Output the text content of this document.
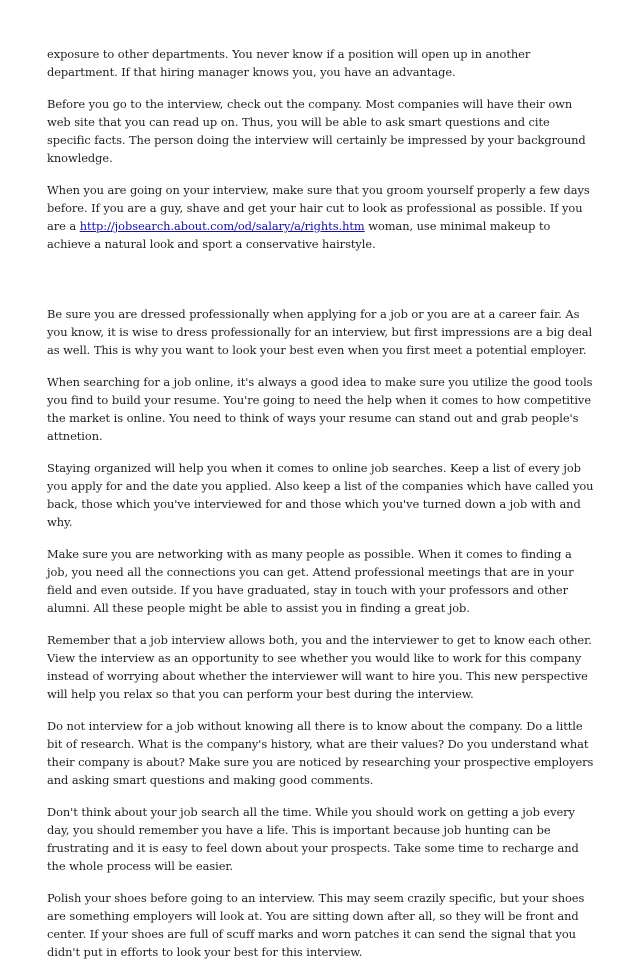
exposure to other departments. You never know if a position will open up in another department. If that hiring manager knows you, you have an advantage.

Before you go to the interview, check out the company. Most companies will have their own web site that you can read up on. Thus, you will be able to ask smart questions and cite specific facts. The person doing the interview will certainly be impressed by your background knowledge.

When you are going on your interview, make sure that you groom yourself properly a few days before. If you are a guy, shave and get your hair cut to look as professional as possible. If you are a http://jobsearch.about.com/od/salary/a/rights.htm woman, use minimal makeup to achieve a natural look and sport a conservative hairstyle.

Be sure you are dressed professionally when applying for a job or you are at a career fair. As you know, it is wise to dress professionally for an interview, but first impressions are a big deal as well. This is why you want to look your best even when you first meet a potential employer.

When searching for a job online, it's always a good idea to make sure you utilize the good tools you find to build your resume. You're going to need the help when it comes to how competitive the market is online. You need to think of ways your resume can stand out and grab people's attnetion.

Staying organized will help you when it comes to online job searches. Keep a list of every job you apply for and the date you applied. Also keep a list of the companies which have called you back, those which you've interviewed for and those which you've turned down a job with and why.

Make sure you are networking with as many people as possible. When it comes to finding a job, you need all the connections you can get. Attend professional meetings that are in your field and even outside. If you have graduated, stay in touch with your professors and other alumni. All these people might be able to assist you in finding a great job.

Remember that a job interview allows both, you and the interviewer to get to know each other. View the interview as an opportunity to see whether you would like to work for this company instead of worrying about whether the interviewer will want to hire you. This new perspective will help you relax so that you can perform your best during the interview.

Do not interview for a job without knowing all there is to know about the company. Do a little bit of research. What is the company's history, what are their values? Do you understand what their company is about? Make sure you are noticed by researching your prospective employers and asking smart questions and making good comments.

Don't think about your job search all the time. While you should work on getting a job every day, you should remember you have a life. This is important because job hunting can be frustrating and it is easy to feel down about your prospects. Take some time to recharge and the whole process will be easier.

Polish your shoes before going to an interview. This may seem crazily specific, but your shoes are something employers will look at. You are sitting down after all, so they will be front and center. If your shoes are full of scuff marks and worn patches it can send the signal that you didn't put in efforts to look your best for this interview.
